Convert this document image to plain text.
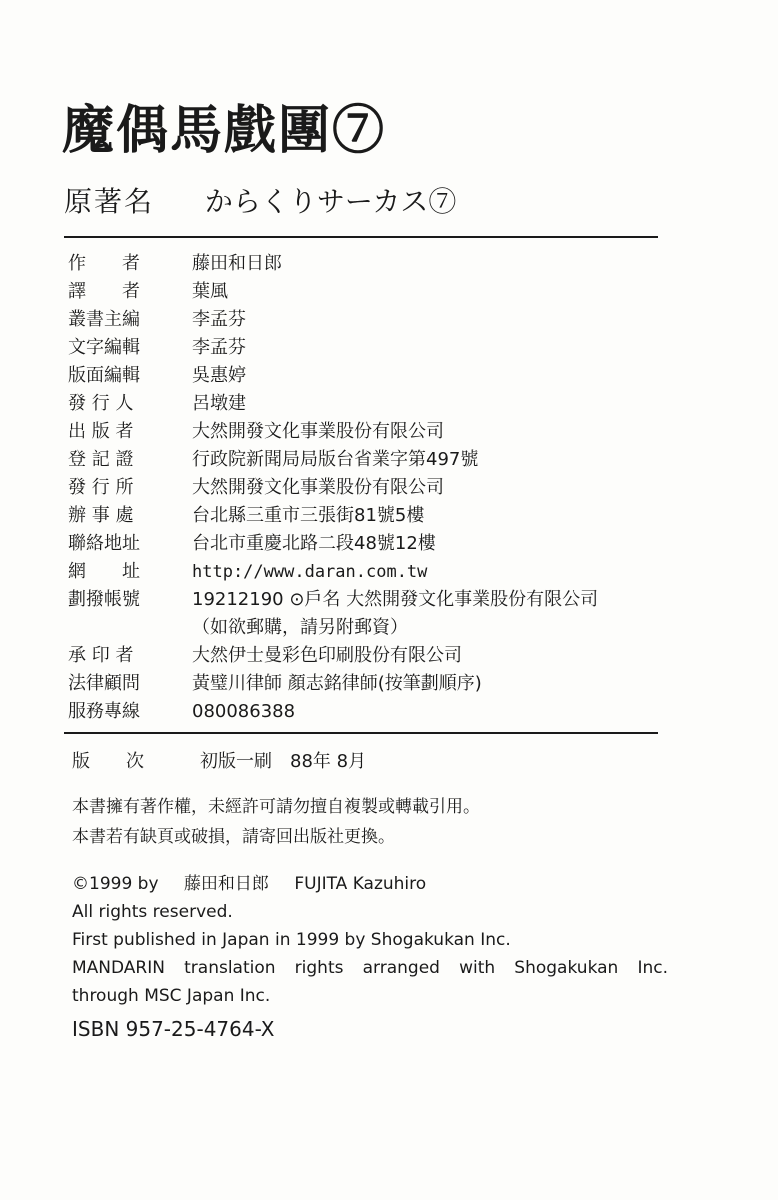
魔偶馬戲團⑦
原著名 からくりサーカス⑦
作　　者	藤田和日郎
譯　　者	葉風
叢書主編	李孟芬
文字編輯	李孟芬
版面編輯	吳惠婷
發 行 人	呂墩建
出 版 者	大然開發文化事業股份有限公司
登 記 證	行政院新聞局局版台省業字第497號
發 行 所	大然開發文化事業股份有限公司
辦 事 處	台北縣三重市三張街81號5樓
聯絡地址	台北市重慶北路二段48號12樓
網　　址	http://www.daran.com.tw
劃撥帳號	19212190 ⊙戶名 大然開發文化事業股份有限公司
（如欲郵購，請另附郵資）
承 印 者	大然伊士曼彩色印刷股份有限公司
法律顧問	黃璧川律師 顏志銘律師(按筆劃順序)
服務專線	080086388
版　　次	初版一刷　88年 8月
本書擁有著作權，未經許可請勿擅自複製或轉載引用。
本書若有缺頁或破損，請寄回出版社更換。
©1999 by 藤田和日郎 FUJITA Kazuhiro
All rights reserved.
First published in Japan in 1999 by Shogakukan Inc.
MANDARIN translation rights arranged with Shogakukan Inc.
through MSC Japan Inc.
ISBN 957-25-4764-X
